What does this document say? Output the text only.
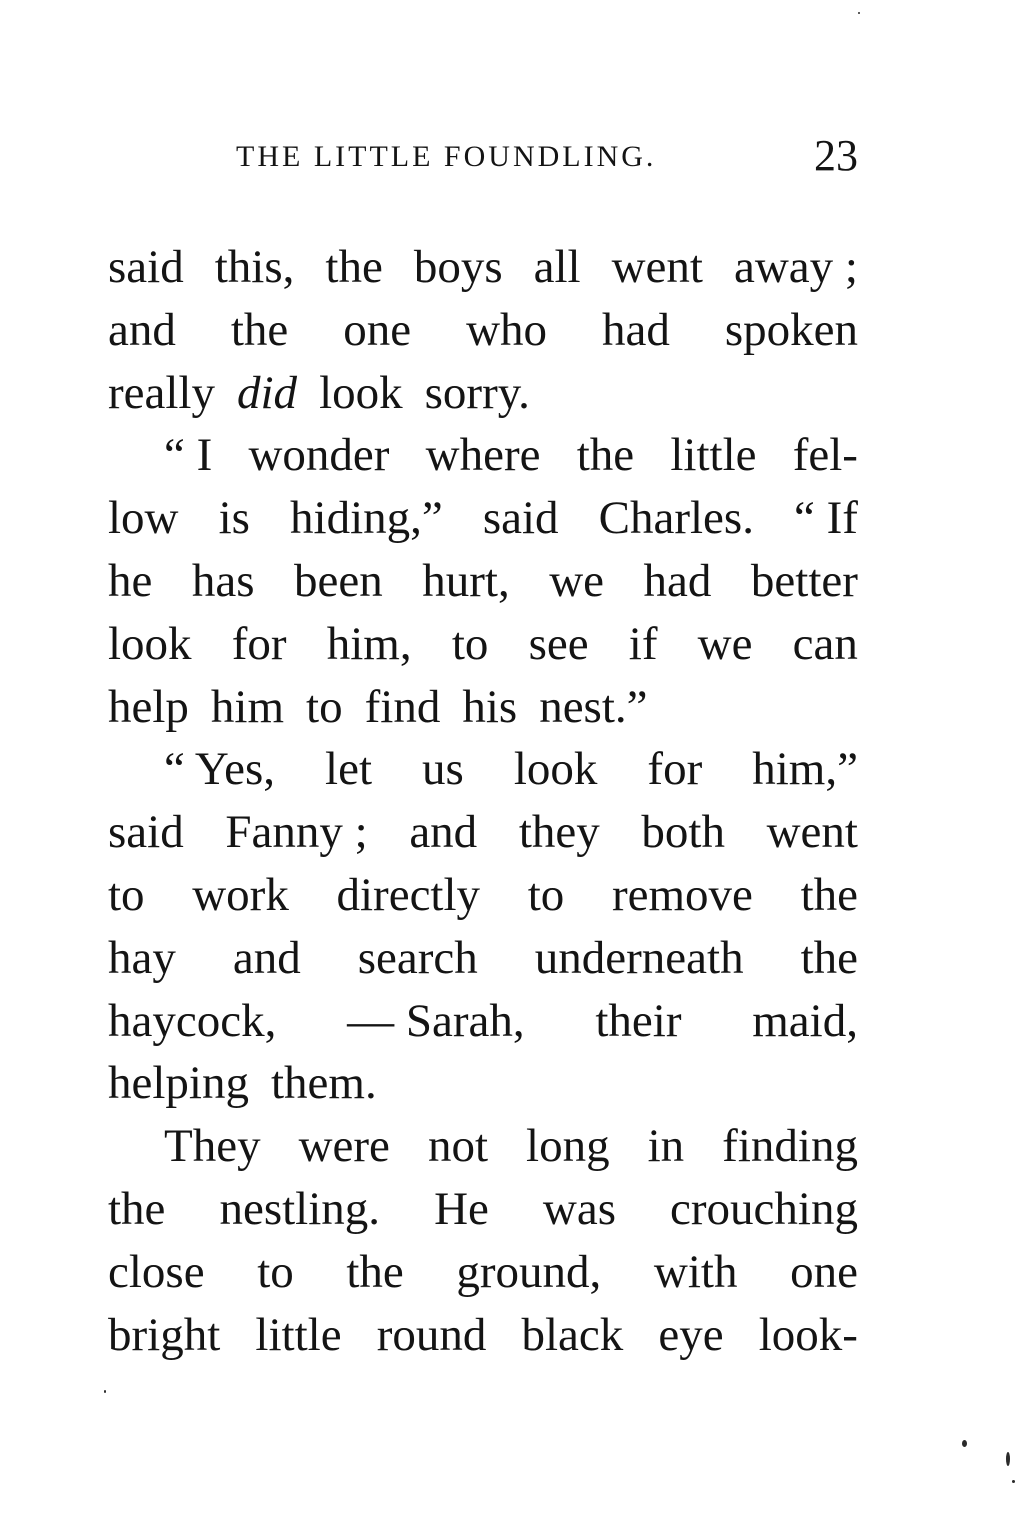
THE LITTLE FOUNDLING.	23
said this, the boys all went away ;
and the one who had spoken
really did look sorry.
“ I wonder where the little fel-
low is hiding,” said Charles. “ If
he has been hurt, we had better
look for him, to see if we can
help him to find his nest.”
“ Yes, let us look for him,”
said Fanny ; and they both went
to work directly to remove the
hay and search underneath the
haycock, — Sarah, their maid,
helping them.
They were not long in finding
the nestling. He was crouching
close to the ground, with one
bright little round black eye look-
